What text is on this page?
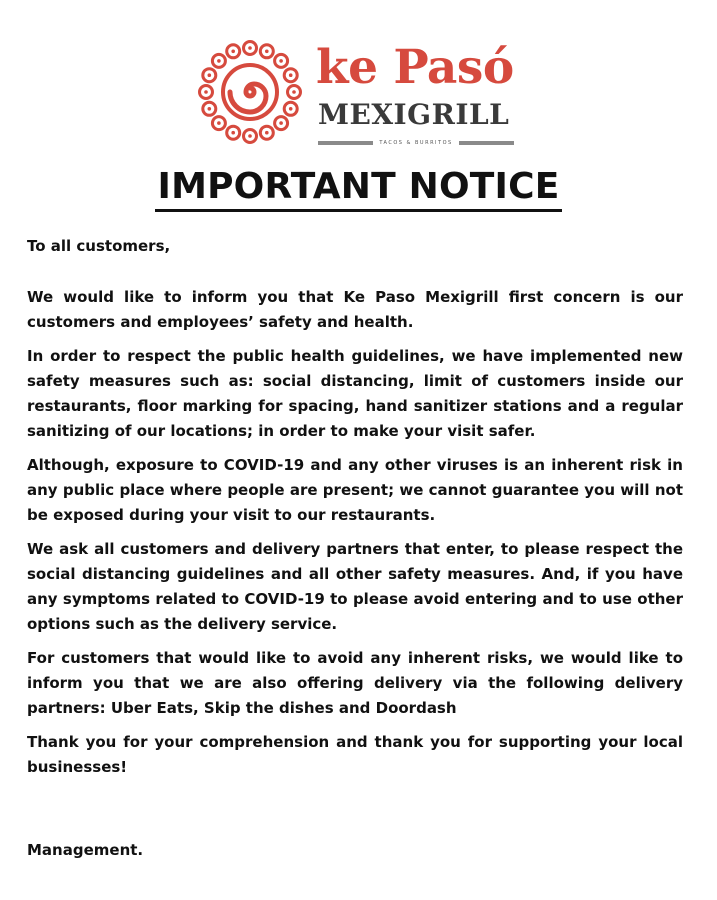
ke Pasó
MEXIGRILL
TACOS & BURRITOS
IMPORTANT NOTICE

To all customers,

We would like to inform you that Ke Paso Mexigrill first concern is our customers and employees’ safety and health.

In order to respect the public health guidelines, we have implemented new safety measures such as: social distancing, limit of customers inside our restaurants, floor marking for spacing, hand sanitizer stations and a regular sanitizing of our locations; in order to make your visit safer.

Although, exposure to COVID-19 and any other viruses is an inherent risk in any public place where people are present; we cannot guarantee you will not be exposed during your visit to our restaurants.

We ask all customers and delivery partners that enter, to please respect the social distancing guidelines and all other safety measures. And, if you have any symptoms related to COVID-19 to please avoid entering and to use other options such as the delivery service.

For customers that would like to avoid any inherent risks, we would like to inform you that we are also offering delivery via the following delivery partners: Uber Eats, Skip the dishes and Doordash

Thank you for your comprehension and thank you for supporting your local businesses!

Management.
